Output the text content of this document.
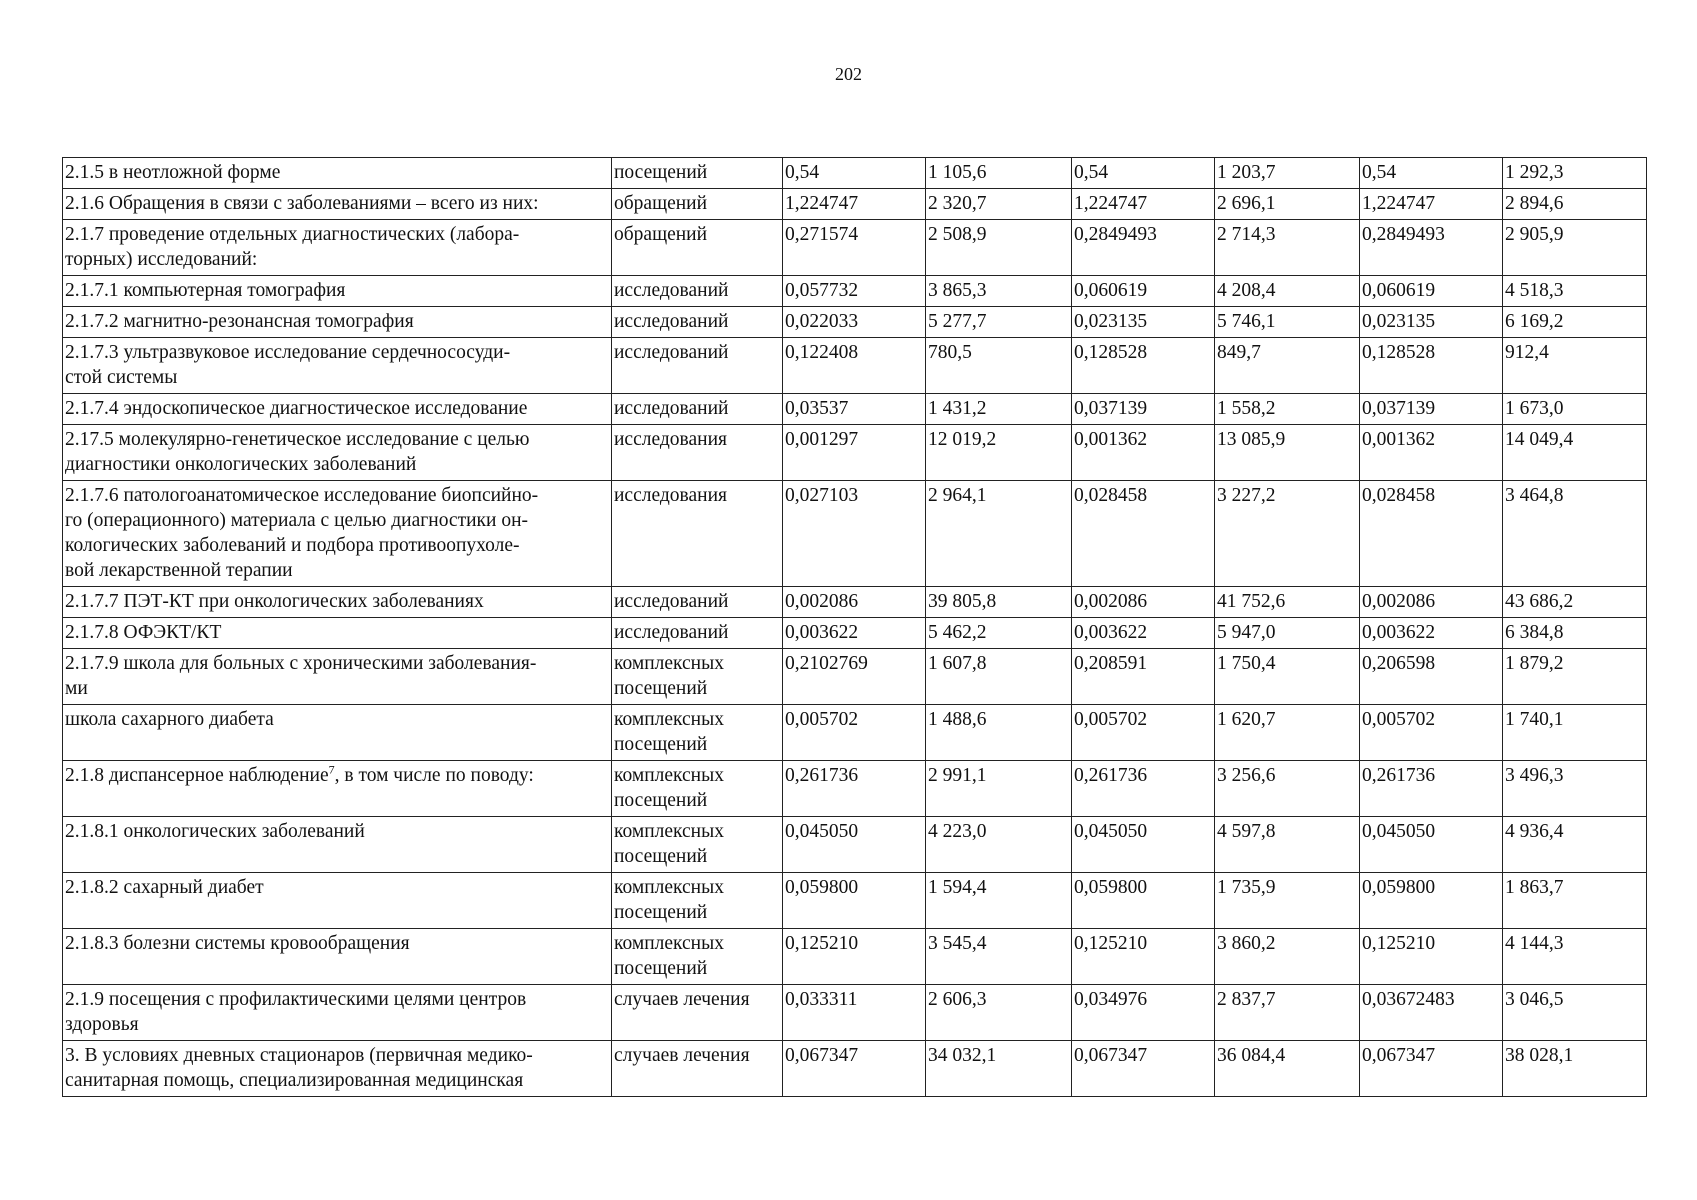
202
2.1.5 в неотложной форме	посещений	0,54	1 105,6	0,54	1 203,7	0,54	1 292,3

2.1.6 Обращения в связи с заболеваниями – всего из них:	обращений	1,224747	2 320,7	1,224747	2 696,1	1,224747	2 894,6

2.1.7 проведение отдельных диагностических (лабора-
торных) исследований:	обращений	0,271574	2 508,9	0,2849493	2 714,3	0,2849493	2 905,9

2.1.7.1 компьютерная томография	исследований	0,057732	3 865,3	0,060619	4 208,4	0,060619	4 518,3

2.1.7.2 магнитно-резонансная томография	исследований	0,022033	5 277,7	0,023135	5 746,1	0,023135	6 169,2

2.1.7.3 ультразвуковое исследование сердечнососуди-
стой системы	исследований	0,122408	780,5	0,128528	849,7	0,128528	912,4

2.1.7.4 эндоскопическое диагностическое исследование	исследований	0,03537	1 431,2	0,037139	1 558,2	0,037139	1 673,0

2.17.5 молекулярно-генетическое исследование с целью
диагностики онкологических заболеваний	исследования	0,001297	12 019,2	0,001362	13 085,9	0,001362	14 049,4

2.1.7.6 патологоанатомическое исследование биопсийно-
го (операционного) материала с целью диагностики он-
кологических заболеваний и подбора противоопухоле-
вой лекарственной терапии	исследования	0,027103	2 964,1	0,028458	3 227,2	0,028458	3 464,8

2.1.7.7 ПЭТ-КТ при онкологических заболеваниях	исследований	0,002086	39 805,8	0,002086	41 752,6	0,002086	43 686,2

2.1.7.8 ОФЭКТ/КТ	исследований	0,003622	5 462,2	0,003622	5 947,0	0,003622	6 384,8

2.1.7.9 школа для больных с хроническими заболевания-
ми	комплексных
посещений	0,2102769	1 607,8	0,208591	1 750,4	0,206598	1 879,2

школа сахарного диабета	комплексных
посещений	0,005702	1 488,6	0,005702	1 620,7	0,005702	1 740,1

2.1.8 диспансерное наблюдение$^7$, в том числе по поводу:	комплексных
посещений	0,261736	2 991,1	0,261736	3 256,6	0,261736	3 496,3

2.1.8.1 онкологических заболеваний	комплексных
посещений	0,045050	4 223,0	0,045050	4 597,8	0,045050	4 936,4

2.1.8.2 сахарный диабет	комплексных
посещений	0,059800	1 594,4	0,059800	1 735,9	0,059800	1 863,7

2.1.8.3 болезни системы кровообращения	комплексных
посещений	0,125210	3 545,4	0,125210	3 860,2	0,125210	4 144,3

2.1.9 посещения с профилактическими целями центров
здоровья	случаев лечения	0,033311	2 606,3	0,034976	2 837,7	0,03672483	3 046,5

3. В условиях дневных стационаров (первичная медико-
санитарная помощь, специализированная медицинская	случаев лечения	0,067347	34 032,1	0,067347	36 084,4	0,067347	38 028,1
